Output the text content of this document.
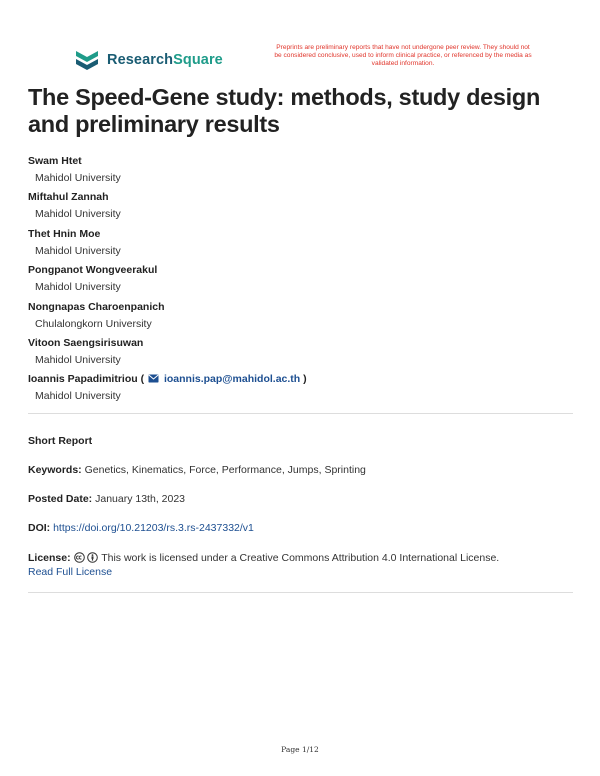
ResearchSquare
Preprints are preliminary reports that have not undergone peer review. They should not be considered conclusive, used to inform clinical practice, or referenced by the media as validated information.
The Speed-Gene study: methods, study design and preliminary results
Swam Htet
Mahidol University
Miftahul Zannah
Mahidol University
Thet Hnin Moe
Mahidol University
Pongpanot Wongveerakul
Mahidol University
Nongnapas Charoenpanich
Chulalongkorn University
Vitoon Saengsirisuwan
Mahidol University
Ioannis Papadimitriou ( ioannis.pap@mahidol.ac.th )
Mahidol University
Short Report
Keywords: Genetics, Kinematics, Force, Performance, Jumps, Sprinting
Posted Date: January 13th, 2023
DOI: https://doi.org/10.21203/rs.3.rs-2437332/v1
License:	This work is licensed under a Creative Commons Attribution 4.0 International License.
Read Full License
Page 1/12
